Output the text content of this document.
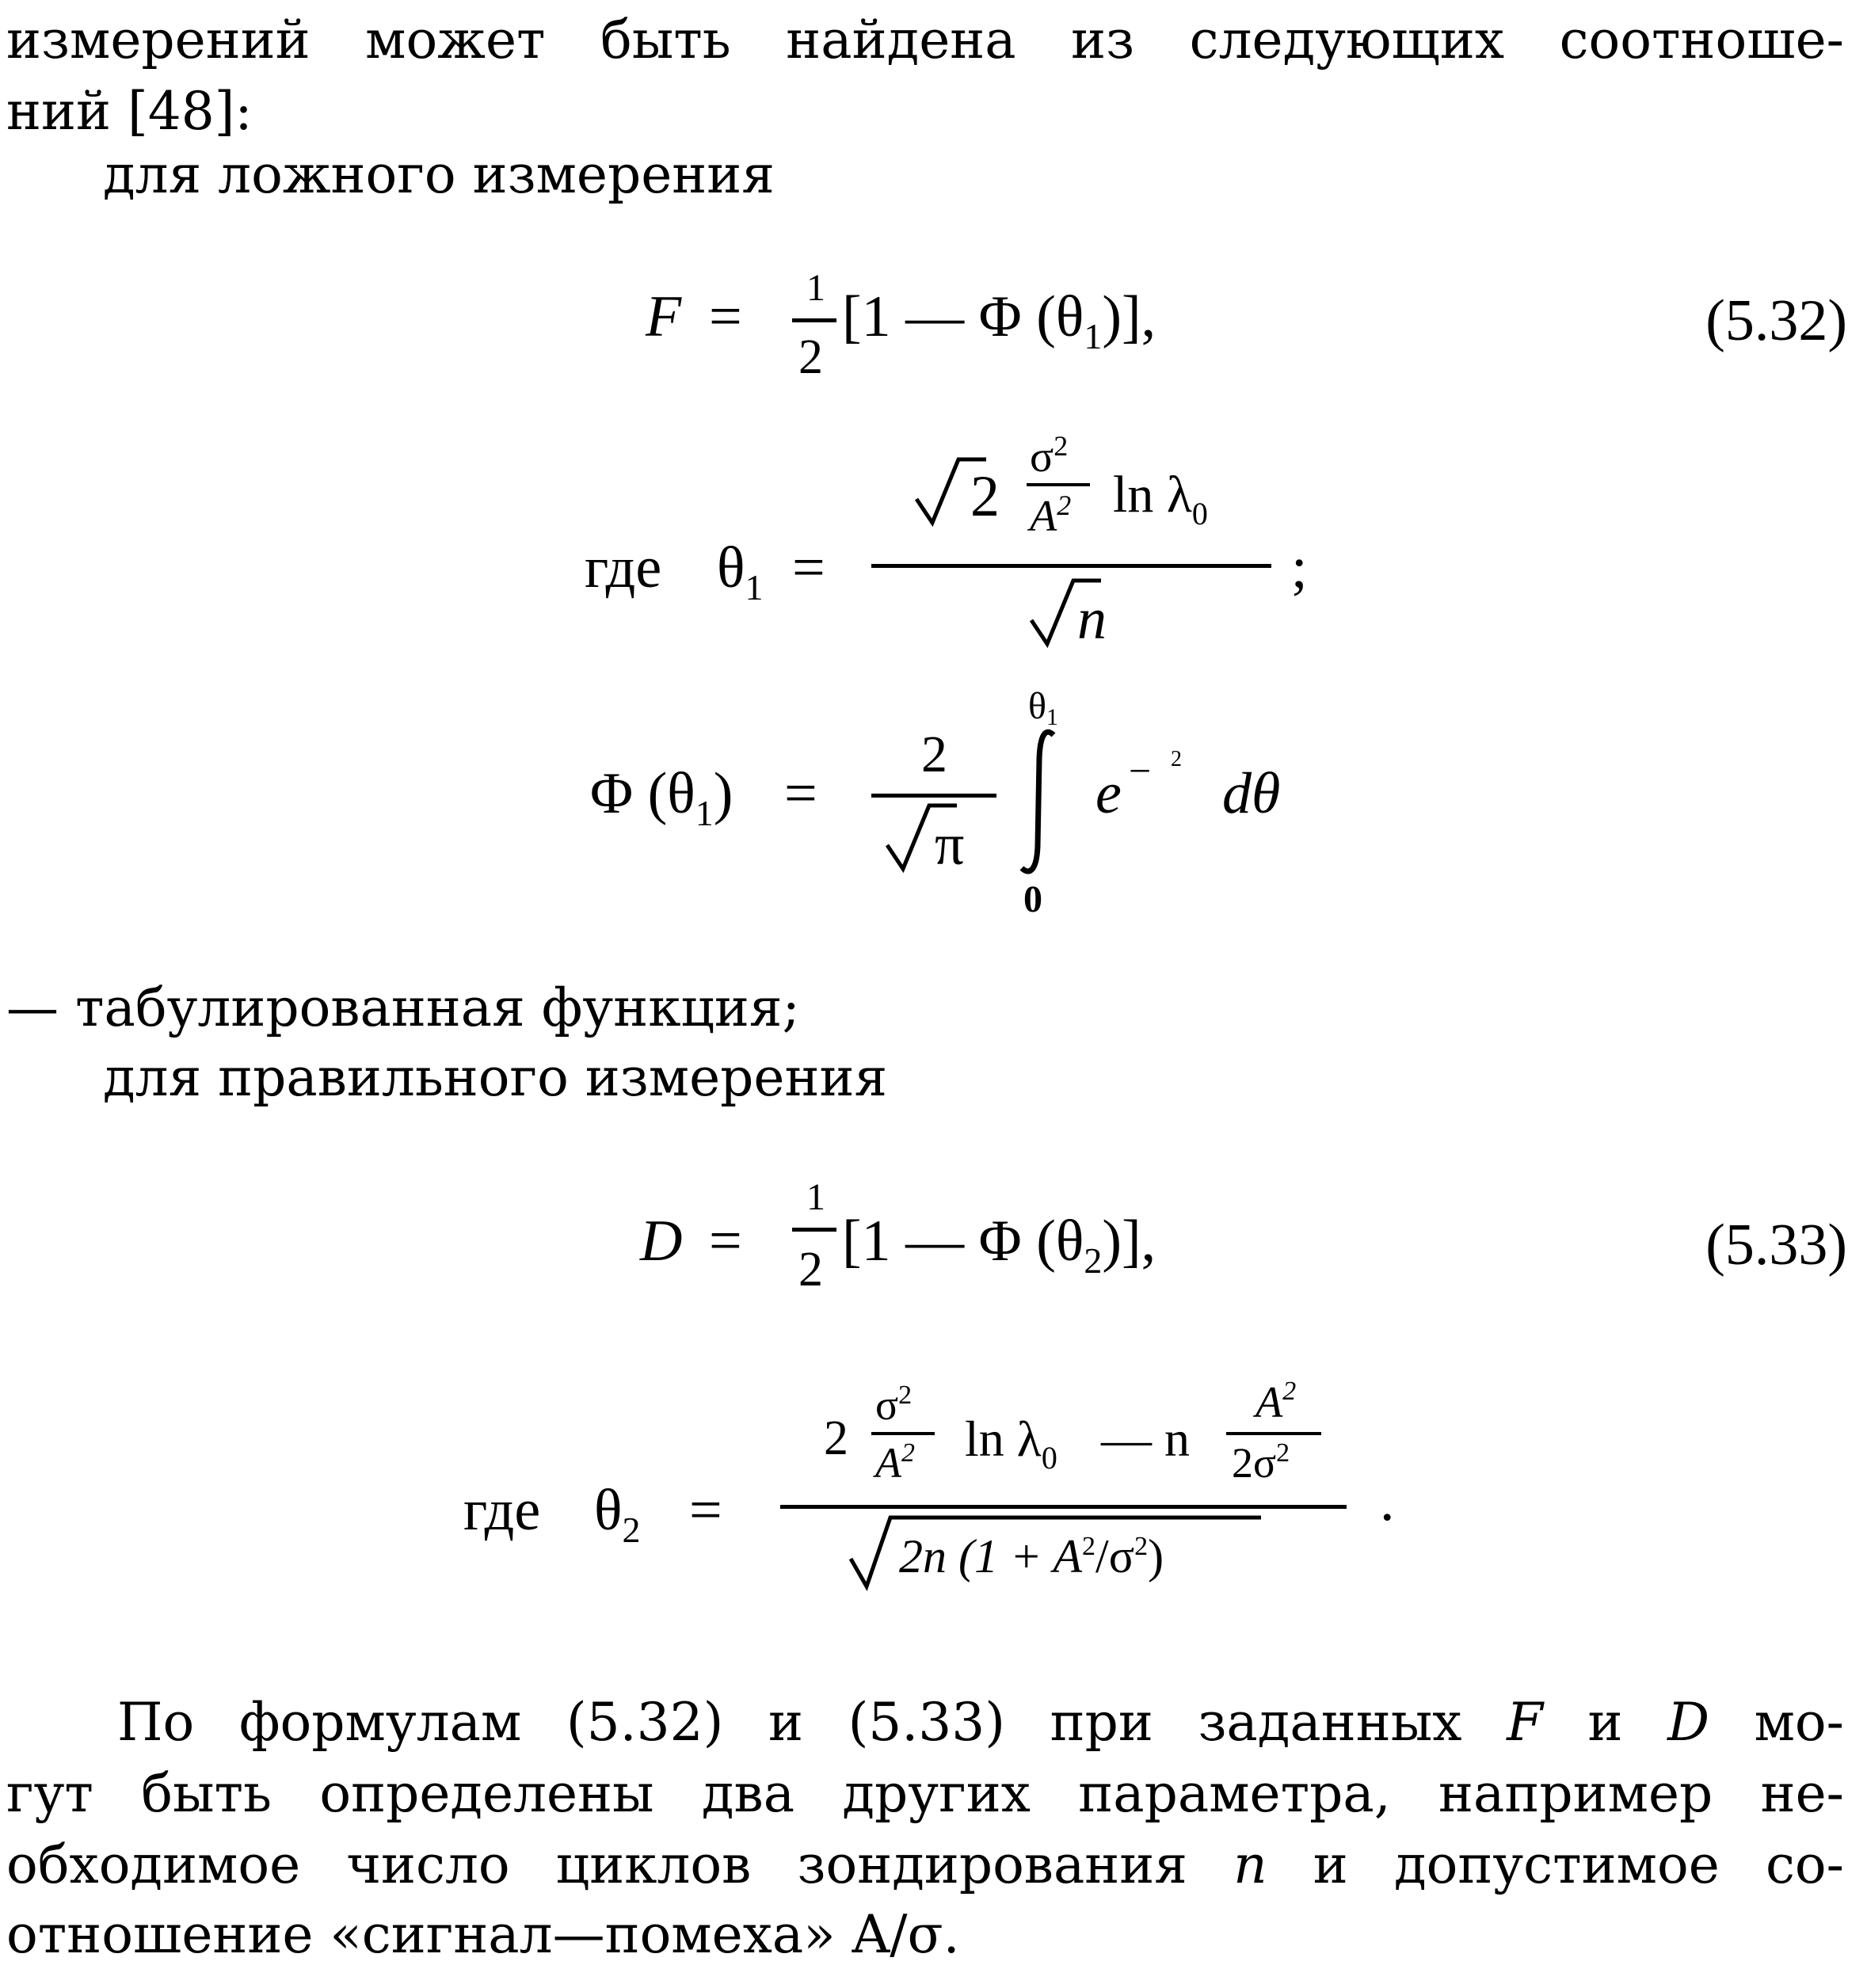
измерений может быть найдена из следующих соотноше-
ний [48]:
для ложного измерения
F = 1
2
[1 — Φ $(\theta_1)$],	(5.32)
где $\theta_1$ =
2
$\sigma^2$
$A^2$ $\ln \lambda_0$
n
;
Φ $(\theta_1)$ =
2
π
$\theta_1$
0
e − 2
dθ
— табулированная функция;
для правильного измерения
D =
1
2 [1 — Φ $(\theta_2)$],	(5.33)
где $\theta_2$ =
2
$\sigma^2$
$A^2$ $\ln \lambda_0$ — n
$A^2$
$2\sigma^2$
2n $(1 + A^2/\sigma^2)$
.
По формулам (5.32) и (5.33) при заданных F и D мо-
гут быть определены два других параметра, например не-
обходимое число циклов зондирования n и допустимое со-
отношение «сигнал—помеха» A/σ.
